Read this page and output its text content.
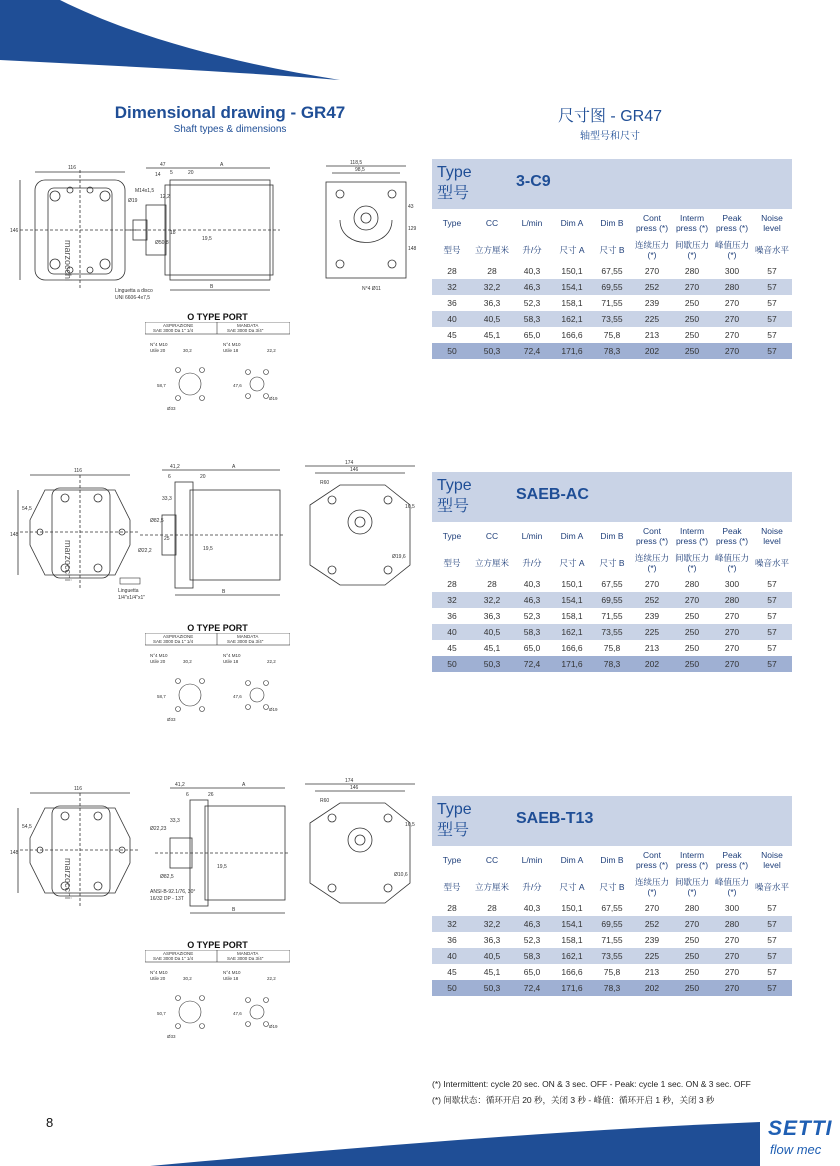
Dimensional drawing - GR47
Shaft types & dimensions
尺寸图 - GR47
轴型号和尺寸
116
146
marzocchi
47
14 5	20
A
B
Ø19
M14x1,5
12,2
Ø50,8
19,5
18
Linguetta a disco
UNI 6606-4x7,5
118,5
98,5
43
129
148
N°4 Ø11
O TYPE PORT
ASPIRAZIONE
SAE 3000 Da 1" 1/4
MANDATA
SAE 3000 Da 3/4"
N°4 M10
Utile 20	30,2
58,7
Ø33
N°4 M10
Utile 18	22,2
47,6
Ø19
116
148
54,5
marzocchi
41,2
6	20
A
B
33,3
Ø22,2
Ø82,5
25
19,5
Linguetta
1/4"x1/4"x1"
174
146
R60
16,5
Ø19,6
O TYPE PORT
ASPIRAZIONE
SAE 3000 Da 1" 1/4
MANDATA
SAE 3000 Da 3/4"
N°4 M10
Utile 20	30,2
58,7
Ø33
N°4 M10
Utile 18	22,2
47,6
Ø19
116
148
54,5
marzocchi
41,2
6	26
A
B
33,3
Ø22,23
Ø82,5
19,5
ANSI-B-92.1/76, 30°
16/32 DP - 13T
174
146
R60
16,5
Ø10,6
O TYPE PORT
ASPIRAZIONE
SAE 3000 Da 1" 1/4
MANDATA
SAE 3000 Da 3/4"
N°4 M10
Utile 20	30,2
50,7
Ø33
N°4 M10
Utile 18	22,2
47,6
Ø19
Type
型号
3-C9
Type	CC	L/min	Dim A	Dim B	Cont press (*)	Interm press (*)	Peak press (*)	Noise level
型号	立方厘米	升/分	尺寸 A	尺寸 B	连续压力 (*)	间歇压力 (*)	峰值压力 (*)	噪音水平
28	28	40,3	150,1	67,55	270	280	300	57
32	32,2	46,3	154,1	69,55	252	270	280	57
36	36,3	52,3	158,1	71,55	239	250	270	57
40	40,5	58,3	162,1	73,55	225	250	270	57
45	45,1	65,0	166,6	75,8	213	250	270	57
50	50,3	72,4	171,6	78,3	202	250	270	57
Type
型号
SAEB-AC
Type	CC	L/min	Dim A	Dim B	Cont press (*)	Interm press (*)	Peak press (*)	Noise level
型号	立方厘米	升/分	尺寸 A	尺寸 B	连续压力 (*)	间歇压力 (*)	峰值压力 (*)	噪音水平
28	28	40,3	150,1	67,55	270	280	300	57
32	32,2	46,3	154,1	69,55	252	270	280	57
36	36,3	52,3	158,1	71,55	239	250	270	57
40	40,5	58,3	162,1	73,55	225	250	270	57
45	45,1	65,0	166,6	75,8	213	250	270	57
50	50,3	72,4	171,6	78,3	202	250	270	57
Type
型号
SAEB-T13
Type	CC	L/min	Dim A	Dim B	Cont press (*)	Interm press (*)	Peak press (*)	Noise level
型号	立方厘米	升/分	尺寸 A	尺寸 B	连续压力 (*)	间歇压力 (*)	峰值压力 (*)	噪音水平
28	28	40,3	150,1	67,55	270	280	300	57
32	32,2	46,3	154,1	69,55	252	270	280	57
36	36,3	52,3	158,1	71,55	239	250	270	57
40	40,5	58,3	162,1	73,55	225	250	270	57
45	45,1	65,0	166,6	75,8	213	250	270	57
50	50,3	72,4	171,6	78,3	202	250	270	57
(*) Intermittent: cycle 20 sec. ON & 3 sec. OFF - Peak: cycle 1 sec. ON & 3 sec. OFF
(*) 间歇状态：循环开启 20 秒，关闭 3 秒 - 峰值：循环开启 1 秒，关闭 3 秒
8	SETTI
flow mec
